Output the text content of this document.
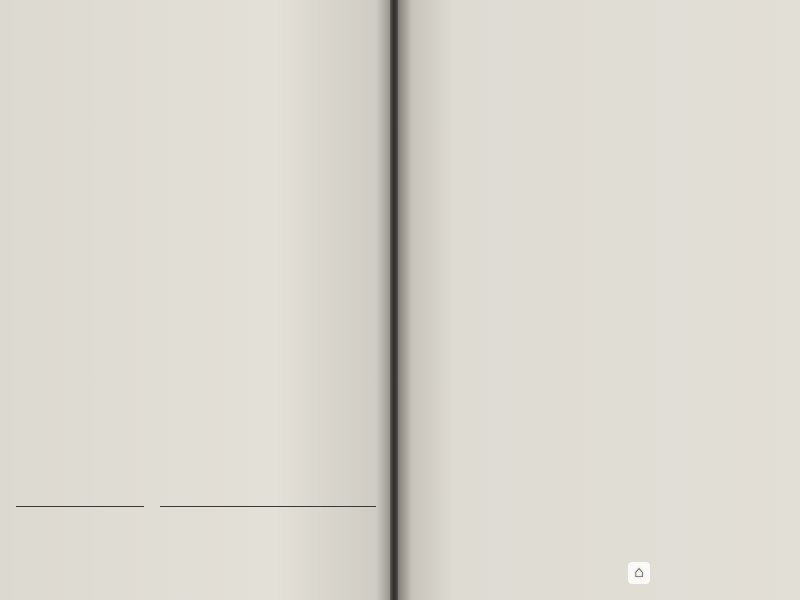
⌂
